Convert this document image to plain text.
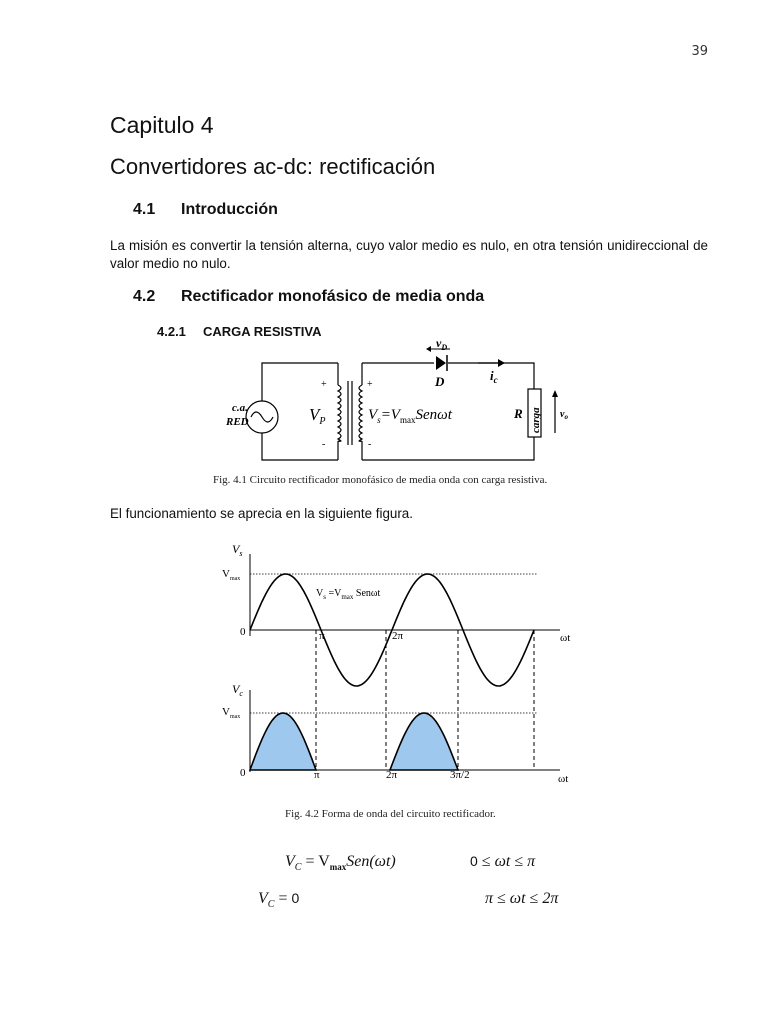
39
Capitulo 4
Convertidores ac-dc: rectificación
4.1 Introducción
La misión es convertir la tensión alterna, cuyo valor medio es nulo, en otra tensión unidireccional de valor medio no nulo.
4.2 Rectificador monofásico de media onda
4.2.1 CARGA RESISTIVA
c.a.
RED
+
-
+
-
$V_P$	$V_s=V_{max}Sen\omega t$
$v_D$
D	$i_c$
R carga $v_o$
Fig. 4.1 Circuito rectificador monofásico de media onda con carga resistiva.
El funcionamiento se aprecia en la siguiente figura.
$V_s$
$V_{max}$
$V_s =V_{max}$ Senωt
0	π	2π	ωt
$V_c$
$V_{max}$
0	π	2π	3π/2	ωt
Fig. 4.2 Forma de onda del circuito rectificador.
$V_C = V_{max}Sen(\omega t)$	0 ≤ ωt ≤ π
$V_C = 0$	π ≤ ωt ≤ 2π
